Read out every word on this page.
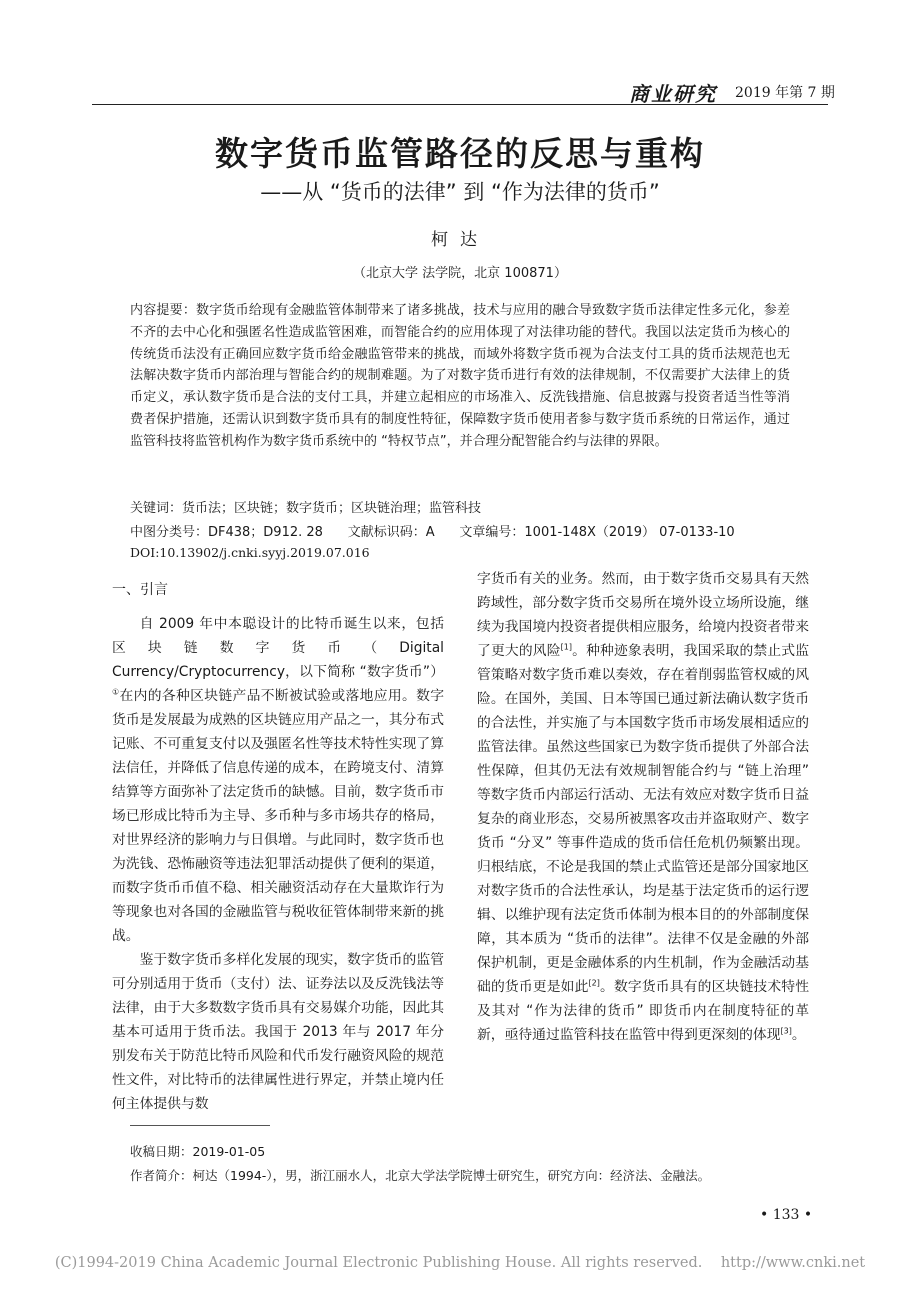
商业研究 2019 年第 7 期
数字货币监管路径的反思与重构
——从 “货币的法律” 到 “作为法律的货币”
柯达
（北京大学 法学院，北京 100871）
内容提要：数字货币给现有金融监管体制带来了诸多挑战，技术与应用的融合导致数字货币法律定性多元化，参差不齐的去中心化和强匿名性造成监管困难，而智能合约的应用体现了对法律功能的替代。我国以法定货币为核心的传统货币法没有正确回应数字货币给金融监管带来的挑战，而域外将数字货币视为合法支付工具的货币法规范也无法解决数字货币内部治理与智能合约的规制难题。为了对数字货币进行有效的法律规制，不仅需要扩大法律上的货币定义，承认数字货币是合法的支付工具，并建立起相应的市场准入、反洗钱措施、信息披露与投资者适当性等消费者保护措施，还需认识到数字货币具有的制度性特征，保障数字货币使用者参与数字货币系统的日常运作，通过监管科技将监管机构作为数字货币系统中的 “特权节点”，并合理分配智能合约与法律的界限。
关键词：货币法；区块链；数字货币；区块链治理；监管科技
中图分类号：DF438；D912. 28      文献标识码：A      文章编号：1001-148X（2019） 07-0133-10
DOI:10.13902/j.cnki.syyj.2019.07.016
一、引言

自 2009 年中本聪设计的比特币诞生以来，包括区块链数字货币（Digital Currency/Cryptocurrency，以下简称 “数字货币”）①在内的各种区块链产品不断被试验或落地应用。数字货币是发展最为成熟的区块链应用产品之一，其分布式记账、不可重复支付以及强匿名性等技术特性实现了算法信任，并降低了信息传递的成本，在跨境支付、清算结算等方面弥补了法定货币的缺憾。目前，数字货币市场已形成比特币为主导、多币种与多市场共存的格局，对世界经济的影响力与日俱增。与此同时，数字货币也为洗钱、恐怖融资等违法犯罪活动提供了便利的渠道，而数字货币币值不稳、相关融资活动存在大量欺诈行为等现象也对各国的金融监管与税收征管体制带来新的挑战。

鉴于数字货币多样化发展的现实，数字货币的监管可分别适用于货币（支付）法、证券法以及反洗钱法等法律，由于大多数数字货币具有交易媒介功能，因此其基本可适用于货币法。我国于 2013 年与 2017 年分别发布关于防范比特币风险和代币发行融资风险的规范性文件，对比特币的法律属性进行界定，并禁止境内任何主体提供与数

字货币有关的业务。然而，由于数字货币交易具有天然跨域性，部分数字货币交易所在境外设立场所设施，继续为我国境内投资者提供相应服务，给境内投资者带来了更大的风险[1]。种种迹象表明，我国采取的禁止式监管策略对数字货币难以奏效，存在着削弱监管权威的风险。在国外，美国、日本等国已通过新法确认数字货币的合法性，并实施了与本国数字货币市场发展相适应的监管法律。虽然这些国家已为数字货币提供了外部合法性保障，但其仍无法有效规制智能合约与 “链上治理” 等数字货币内部运行活动、无法有效应对数字货币日益复杂的商业形态，交易所被黑客攻击并盗取财产、数字货币 “分叉” 等事件造成的货币信任危机仍频繁出现。归根结底，不论是我国的禁止式监管还是部分国家地区对数字货币的合法性承认，均是基于法定货币的运行逻辑、以维护现有法定货币体制为根本目的的外部制度保障，其本质为 “货币的法律”。法律不仅是金融的外部保护机制，更是金融体系的内生机制，作为金融活动基础的货币更是如此[2]。数字货币具有的区块链技术特性及其对 “作为法律的货币” 即货币内在制度特征的革新，亟待通过监管科技在监管中得到更深刻的体现[3]。

收稿日期：2019-01-05
作者简介：柯达（1994-），男，浙江丽水人，北京大学法学院博士研究生，研究方向：经济法、金融法。
• 133 •
(C)1994-2019 China Academic Journal Electronic Publishing House. All rights reserved.    http://www.cnki.net
